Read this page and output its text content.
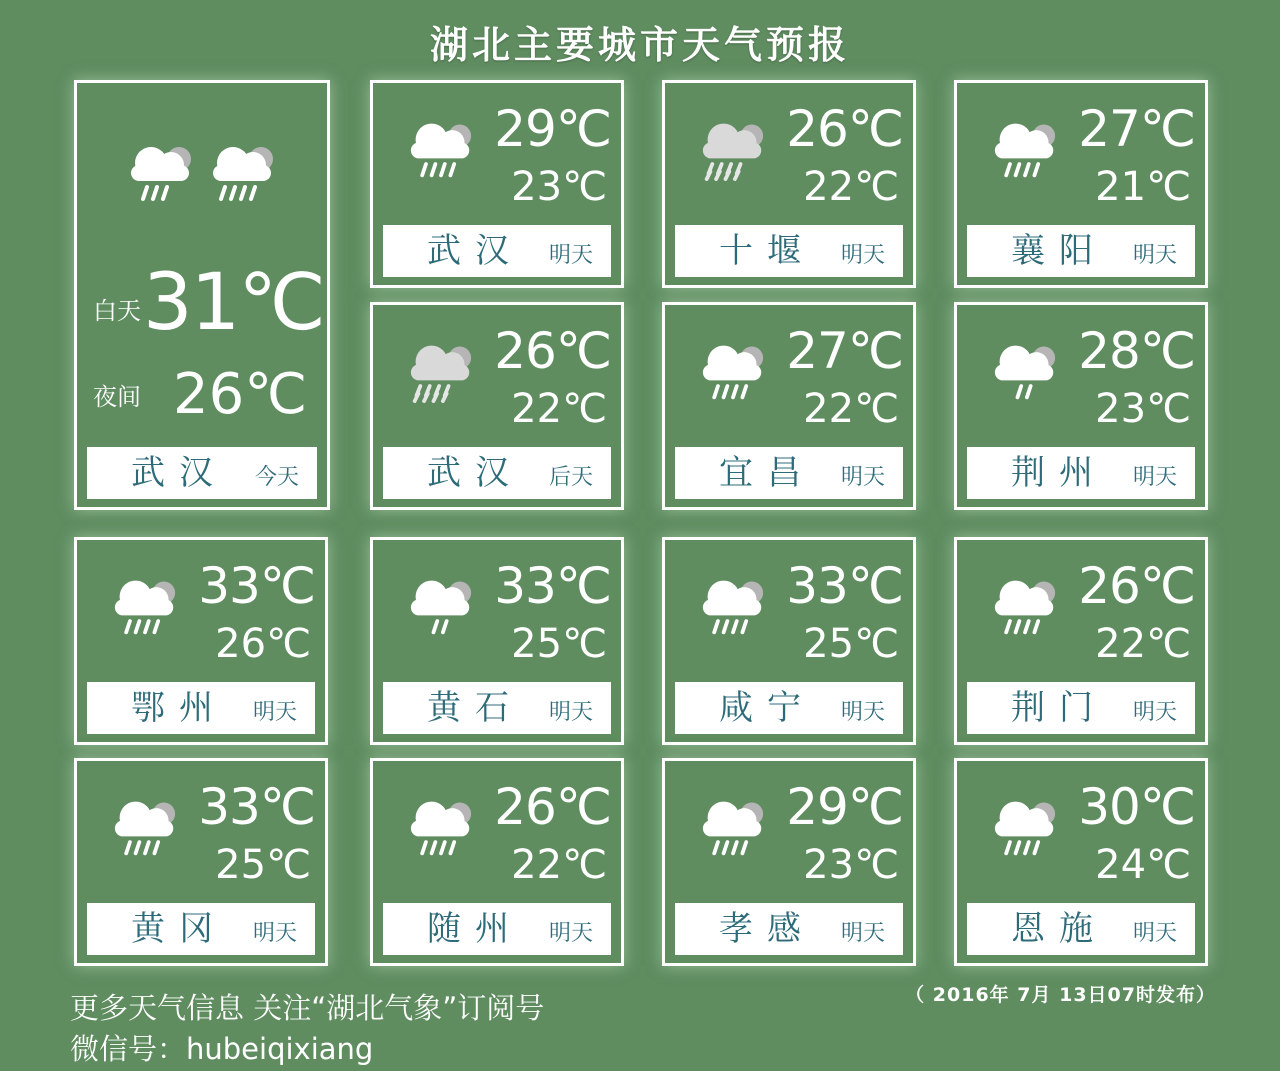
湖北主要城市天气预报
白天 31℃
夜间 26℃
武汉 今天
29℃
23℃
武汉 明天
26℃
22℃
十堰 明天
27℃
21℃
襄阳 明天
26℃
22℃
武汉 后天
27℃
22℃
宜昌 明天
28℃
23℃
荆州 明天
33℃
26℃
鄂州 明天
33℃
25℃
黄石 明天
33℃
25℃
咸宁 明天
26℃
22℃
荆门 明天
33℃
25℃
黄冈 明天
26℃
22℃
随州 明天
29℃
23℃
孝感 明天
30℃
24℃
恩施 明天
更多天气信息 关注“湖北气象”订阅号
微信号：hubeiqixiang
（ 2016年 7月 13日07时发布）
